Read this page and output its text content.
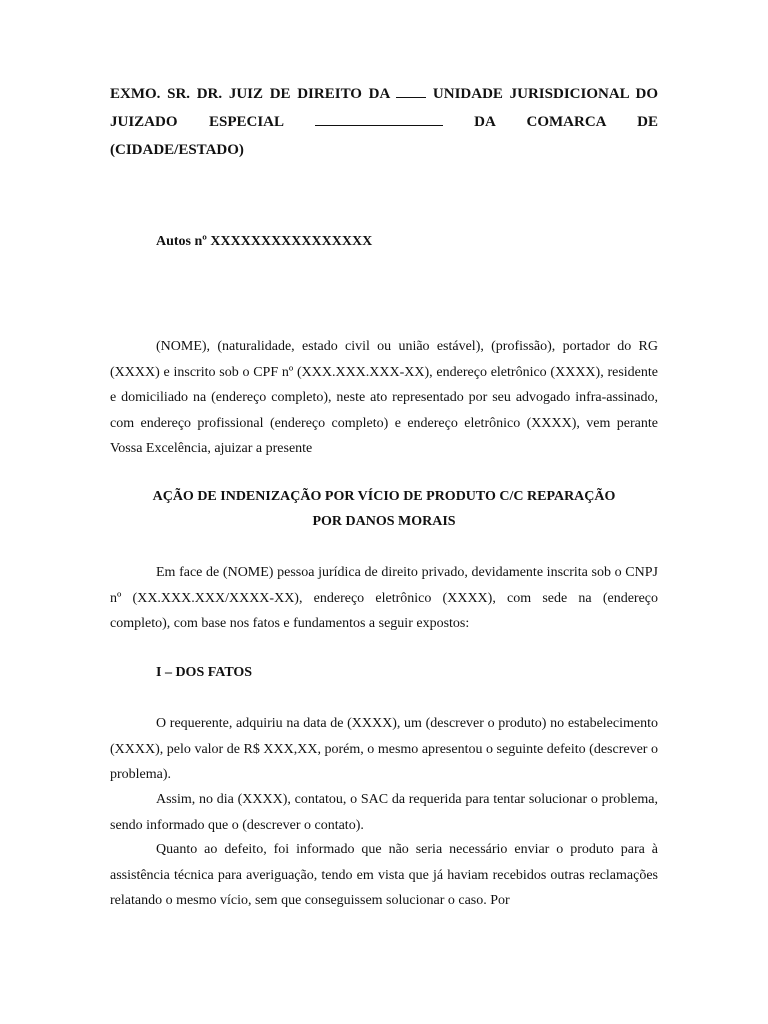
EXMO. SR. DR. JUIZ DE DIREITO DA	UNIDADE JURISDICIONAL DO
JUIZADO ESPECIAL	DA COMARCA DE
(CIDADE/ESTADO)
Autos nº XXXXXXXXXXXXXXXX
(NOME), (naturalidade, estado civil ou união estável), (profissão), portador do RG (XXXX) e inscrito sob o CPF nº (XXX.XXX.XXX-XX), endereço eletrônico (XXXX), residente e domiciliado na (endereço completo), neste ato representado por seu advogado infra-assinado, com endereço profissional (endereço completo) e endereço eletrônico (XXXX), vem perante Vossa Excelência, ajuizar a presente
AÇÃO DE INDENIZAÇÃO POR VÍCIO DE PRODUTO C/C REPARAÇÃO
POR DANOS MORAIS
Em face de (NOME) pessoa jurídica de direito privado, devidamente inscrita sob o CNPJ nº (XX.XXX.XXX/XXXX-XX), endereço eletrônico (XXXX), com sede na (endereço completo), com base nos fatos e fundamentos a seguir expostos:
I – DOS FATOS
O requerente, adquiriu na data de (XXXX), um (descrever o produto) no estabelecimento (XXXX), pelo valor de R$ XXX,XX, porém, o mesmo apresentou o seguinte defeito (descrever o problema).
Assim, no dia (XXXX), contatou, o SAC da requerida para tentar solucionar o problema, sendo informado que o (descrever o contato).
Quanto ao defeito, foi informado que não seria necessário enviar o produto para à assistência técnica para averiguação, tendo em vista que já haviam recebidos outras reclamações relatando o mesmo vício, sem que conseguissem solucionar o caso. Por
